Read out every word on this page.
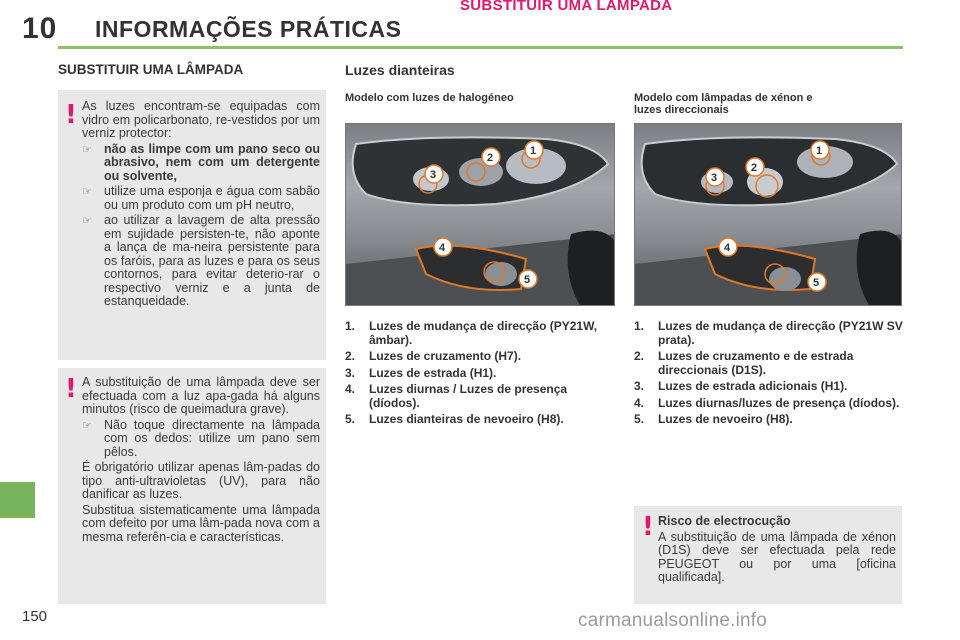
SUBSTITUIR UMA LAMPADA
10 INFORMAÇÕES PRÁTICAS
SUBSTITUIR UMA LÂMPADA
! As luzes encontram-se equipadas com vidro em policarbonato, re-vestidos por um verniz protector:

☞ não as limpe com um pano seco ou abrasivo, nem com um detergente ou solvente,
☞ utilize uma esponja e água com sabão ou um produto com um pH neutro,
☞ ao utilizar a lavagem de alta pressão em sujidade persisten-te, não aponte a lança de ma-neira persistente para os faróis, para as luzes e para os seus contornos, para evitar deterio-rar o respectivo verniz e a junta de estanqueidade.
! A substituição de uma lâmpada deve ser efectuada com a luz apa-gada há alguns minutos (risco de queimadura grave).

☞ Não toque directamente na lâmpada com os dedos: utilize um pano sem pêlos.

É obrigatório utilizar apenas lâm-padas do tipo anti-ultravioletas (UV), para não danificar as luzes.

Substitua sistematicamente uma lâmpada com defeito por uma lâm-pada nova com a mesma referên-cia e características.

Luzes dianteiras
Modelo com luzes de halogéneo	Modelo com lâmpadas de xénon e
luzes direccionais
1
2
3
4
5
1
2
3
4
5
1.	Luzes de mudança de direcção (PY21W, âmbar).
2.	Luzes de cruzamento (H7).
3.	Luzes de estrada (H1).
4.	Luzes diurnas / Luzes de presença (díodos).
5.	Luzes dianteiras de nevoeiro (H8).
1.	Luzes de mudança de direcção (PY21W SV prata).
2.	Luzes de cruzamento e de estrada direccionais (D1S).
3.	Luzes de estrada adicionais (H1).
4.	Luzes diurnas/luzes de presença (díodos).
5.	Luzes de nevoeiro (H8).
! Risco de electrocução

A substituição de uma lâmpada de xénon (D1S) deve ser efectuada pela rede PEUGEOT ou por uma [oficina qualificada].

150	carmanualsonline.info
